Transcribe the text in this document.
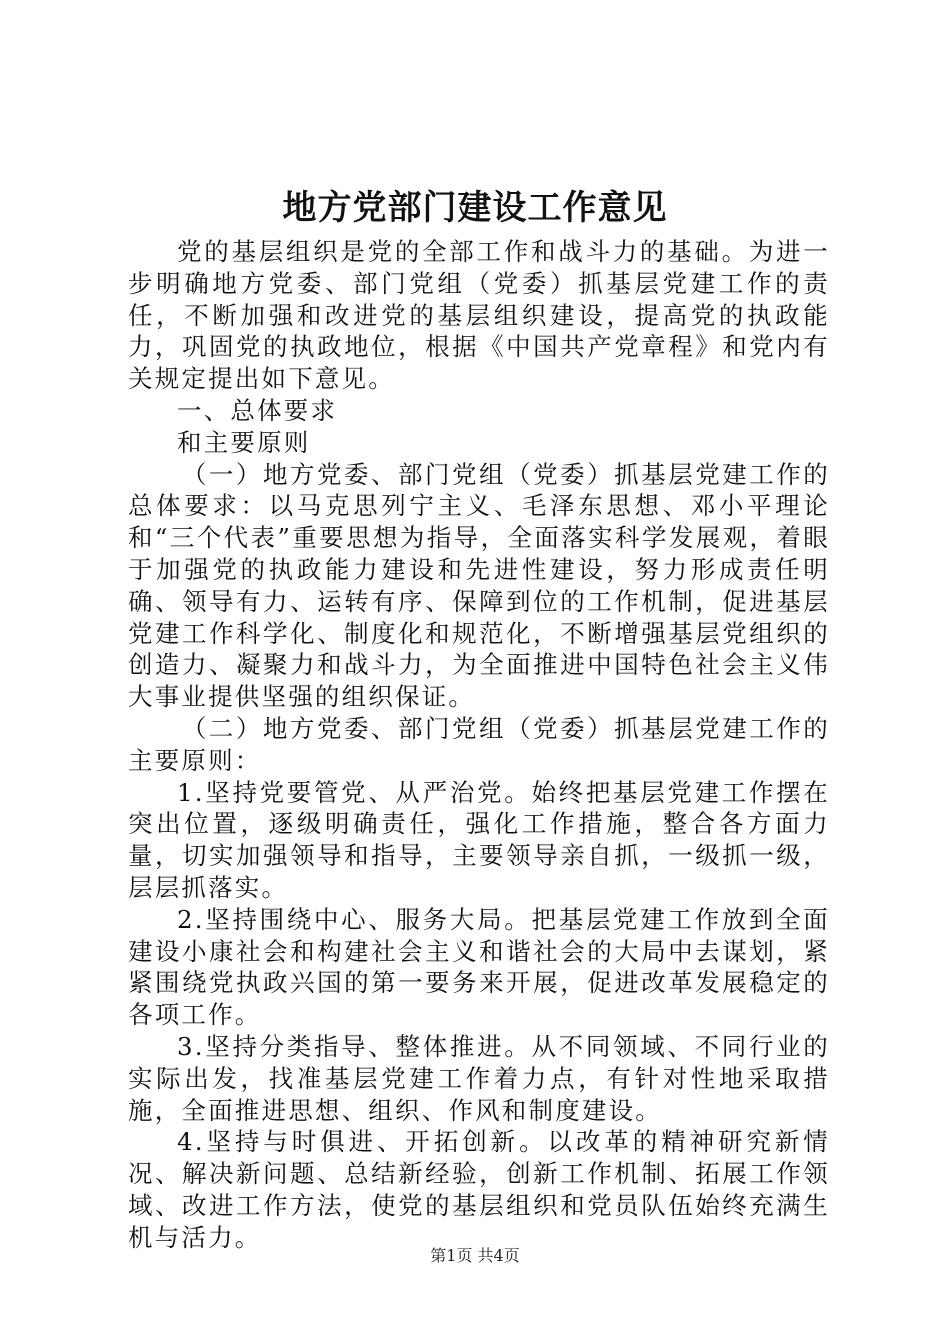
地方党部门建设工作意见

党的基层组织是党的全部工作和战斗力的基础。为进一步明确地方党委、部门党组（党委）抓基层党建工作的责任，不断加强和改进党的基层组织建设，提高党的执政能力，巩固党的执政地位，根据《中国共产党章程》和党内有关规定提出如下意见。

一、总体要求

和主要原则

（一）地方党委、部门党组（党委）抓基层党建工作的总体要求：以马克思列宁主义、毛泽东思想、邓小平理论和“三个代表”重要思想为指导，全面落实科学发展观，着眼于加强党的执政能力建设和先进性建设，努力形成责任明确、领导有力、运转有序、保障到位的工作机制，促进基层党建工作科学化、制度化和规范化，不断增强基层党组织的创造力、凝聚力和战斗力，为全面推进中国特色社会主义伟大事业提供坚强的组织保证。

（二）地方党委、部门党组（党委）抓基层党建工作的主要原则：

1.坚持党要管党、从严治党。始终把基层党建工作摆在突出位置，逐级明确责任，强化工作措施，整合各方面力量，切实加强领导和指导，主要领导亲自抓，一级抓一级，层层抓落实。

2.坚持围绕中心、服务大局。把基层党建工作放到全面建设小康社会和构建社会主义和谐社会的大局中去谋划，紧紧围绕党执政兴国的第一要务来开展，促进改革发展稳定的各项工作。

3.坚持分类指导、整体推进。从不同领域、不同行业的实际出发，找准基层党建工作着力点，有针对性地采取措施，全面推进思想、组织、作风和制度建设。

4.坚持与时俱进、开拓创新。以改革的精神研究新情况、解决新问题、总结新经验，创新工作机制、拓展工作领域、改进工作方法，使党的基层组织和党员队伍始终充满生机与活力。

第1页 共4页
